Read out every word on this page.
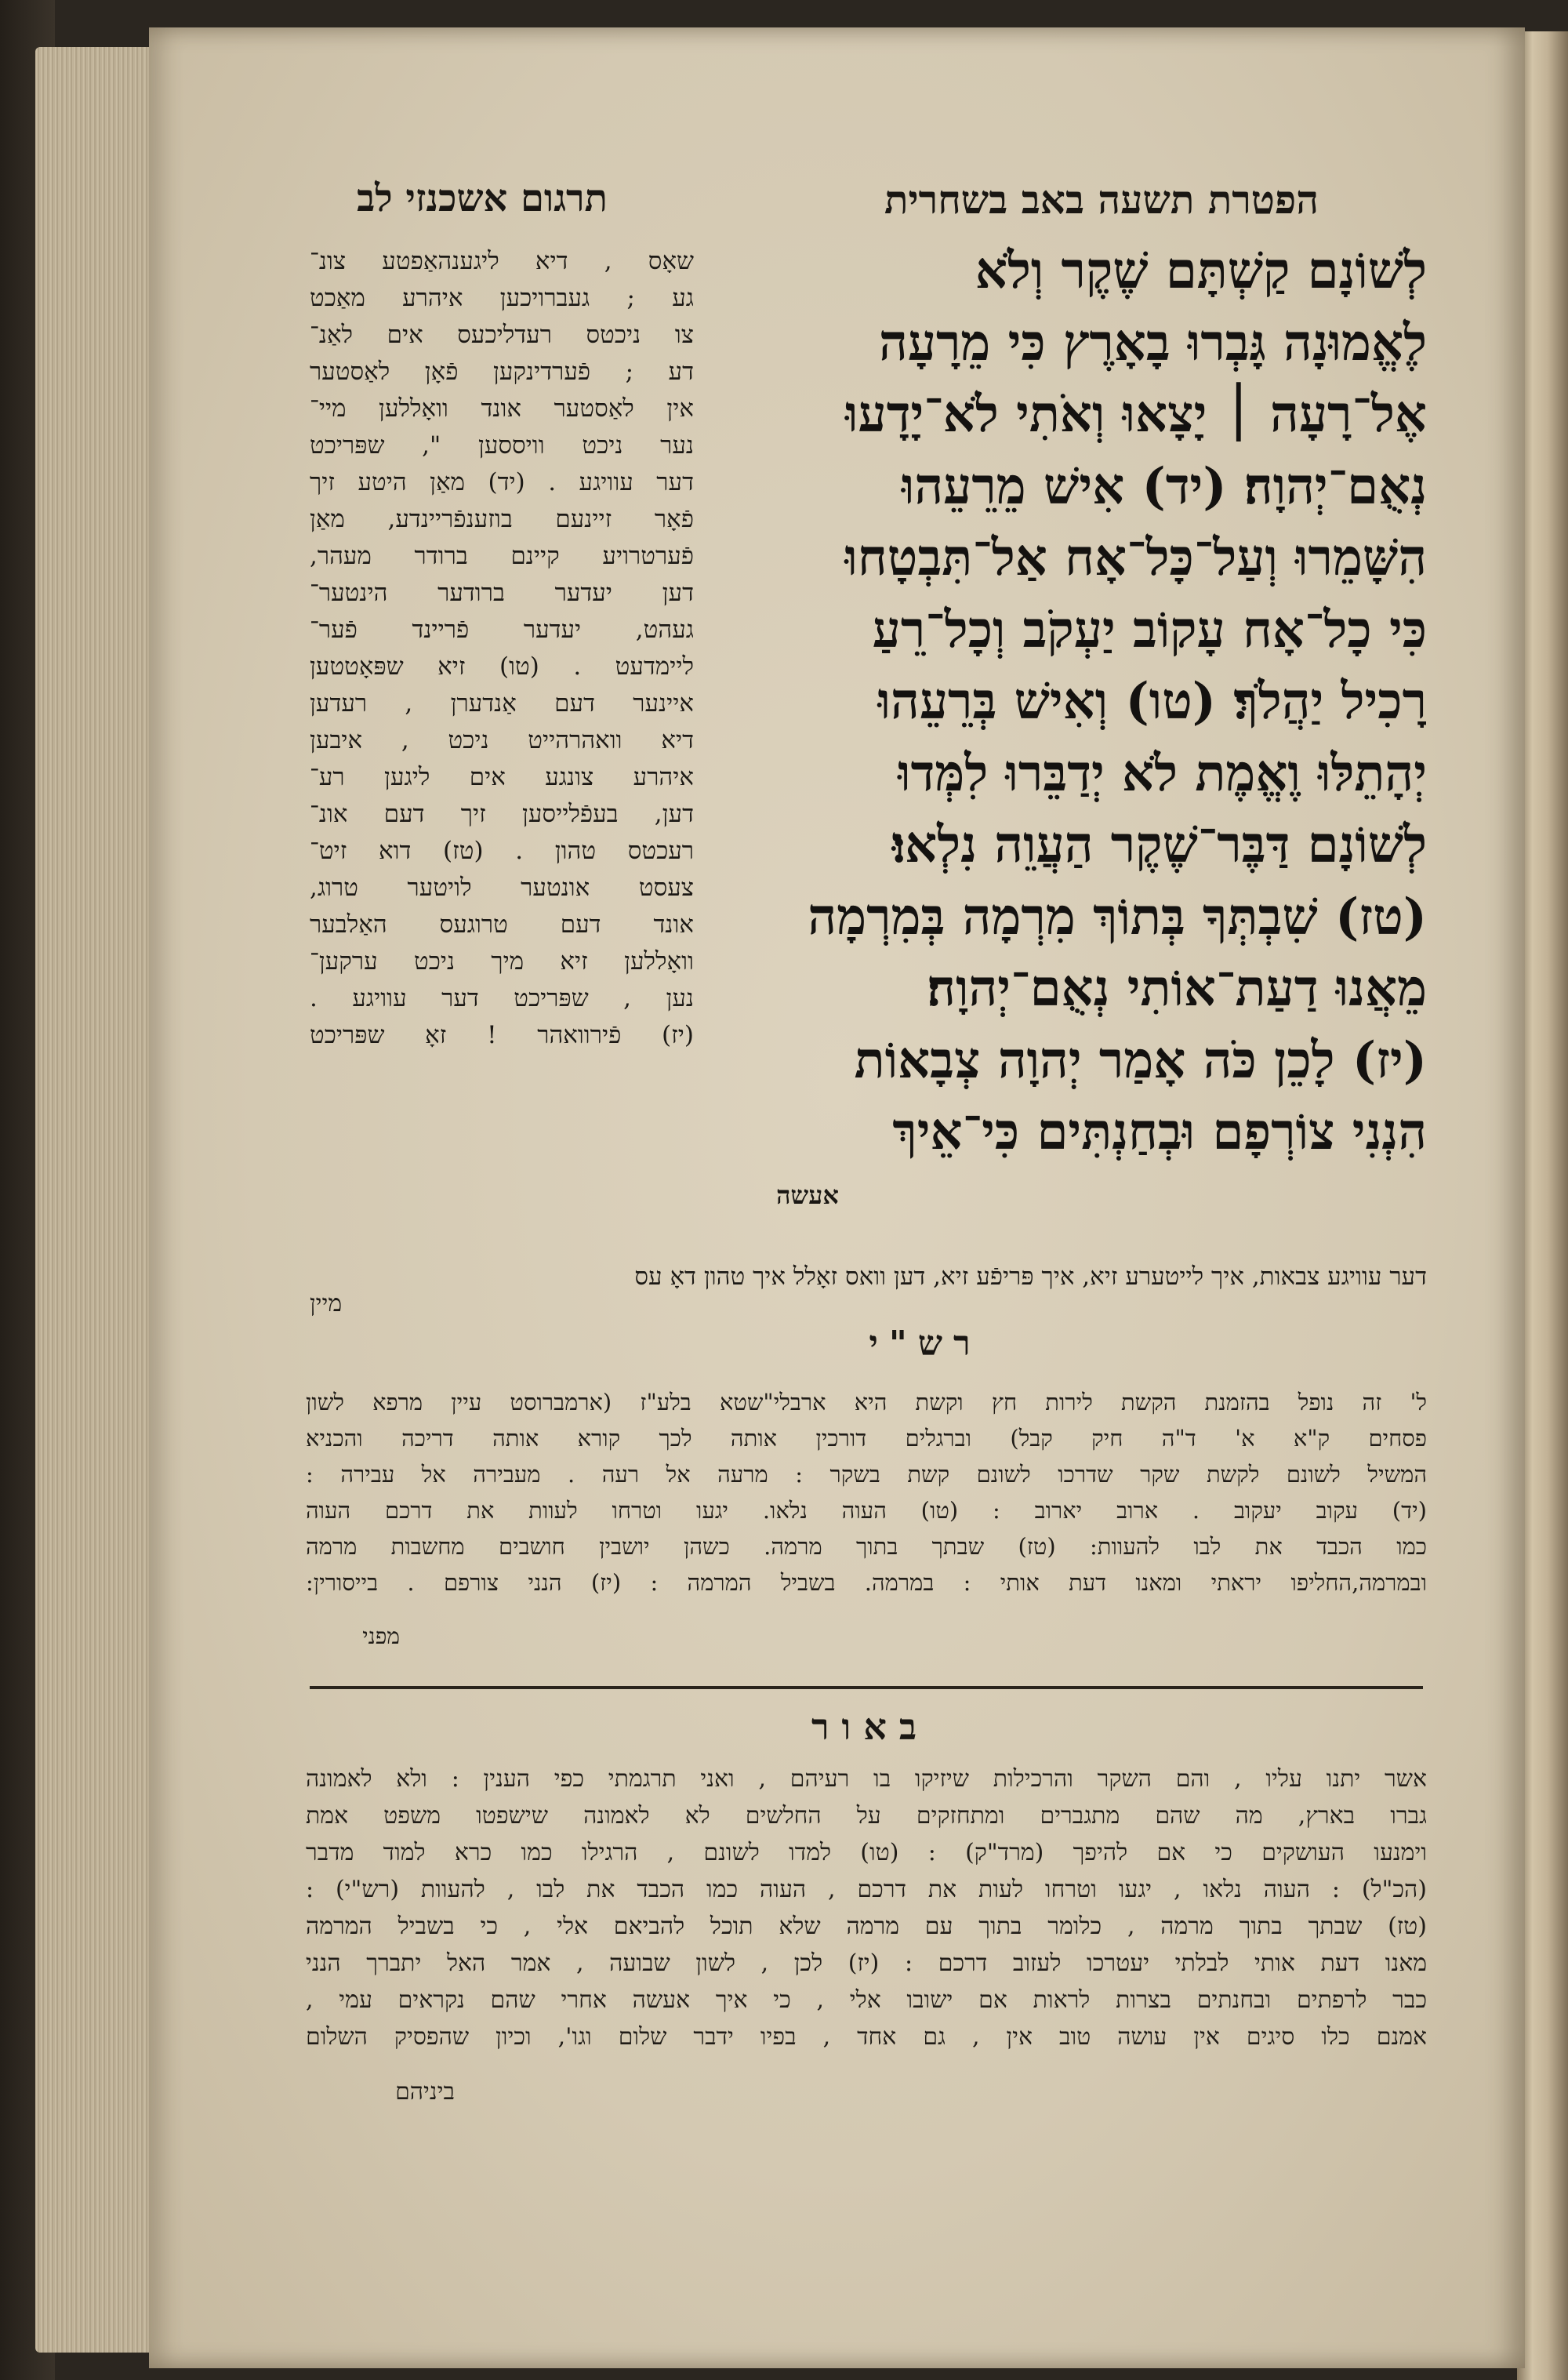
הפטרת תשעה באב בשחרית
תרגום אשכנזי לב
לְשׁוֹנָם קַשְׁתָּם שֶׁקֶר וְלֹא
לֶאֱמוּנָה גָּבְרוּ בָאָרֶץ כִּי מֵרָעָה
אֶל־רָעָה ׀ יָצָאוּ וְאֹתִי לֹא־יָדָעוּ
נְאֻם־יְהוָה׃ (יד) אִישׁ מֵרֵעֵהוּ
הִשָּׁמֵרוּ וְעַל־כָּל־אָח אַל־תִּבְטָחוּ
כִּי כָל־אָח עָקוֹב יַעְקֹב וְכָל־רֵעַ
רָכִיל יַהֲלֹךְ׃ (טו) וְאִישׁ בְּרֵעֵהוּ
יְהָתֵלּוּ וֶאֱמֶת לֹא יְדַבֵּרוּ לִמְּדוּ
לְשׁוֹנָם דַּבֶּר־שֶׁקֶר הַעֲוֵה נִלְאוּ׃
(טז) שִׁבְתְּךָ בְּתוֹךְ מִרְמָה בְּמִרְמָה
מֵאֲנוּ דַעַת־אוֹתִי נְאֻם־יְהוָה׃
(יז) לָכֵן כֹּה אָמַר יְהוָה צְבָאוֹת
הִנְנִי צוֹרְפָם וּבְחַנְתִּים כִּי־אֵיךְ
אעשה
שאָס , דיא ליגענהאַפטע צונ־
גע ; געברויכען איהרע מאַכט
צו ניכטס רעדליכעס אים לאַנ־
דע ; פֿערדינקען פֿאָן לאַסטער
אין לאַסטער אונד וואָללען מיי־
נער ניכט וויססען ", שפּריכט
דער עוויגע . (יד) מאַן היטע זיך
פֿאָר זיינעם בוזענפֿריינדע, מאַן
פֿערטרויע קיינם ברודר מעהר,
דען יעדער ברודער הינטער־
געהט, יעדער פֿריינד פֿער־
ליימדעט . (טו) זיא שפּאָטטען
איינער דעם אַנדערן , רעדען
דיא וואהרהייט ניכט , איבען
איהרע צונגע אים ליגען רע־
דען, בעפֿלייסען זיך דעם אונ־
רעכטס טהון . (טז) דוא זיט־
צעסט אונטער לויטער טרוג,
אונד דעם טרוגעס האַלבער
וואָללען זיא מיך ניכט ערקען־
נען , שפּריכט דער עוויגע .
(יז) פֿירוואהר ! זאָ שפּריכט
דער עוויגע צבאות, איך לייטערע זיא, איך פּריפֿע זיא, דען וואס זאָלל איך טהון דאָ עס
מיין
רש"י
ל' זה נופל בהזמנת הקשת לירות חץ וקשת היא ארבלי"שטא בלע"ז (ארמברוסט עיין מרפא לשון
פסחים ק"א א' ד"ה חיק קבל) וברגלים דורכין אותה לכך קורא אותה דריכה והכניא
המשיל לשונם לקשת שקר שדרכו לשונם קשת בשקר : מרעה אל רעה . מעבירה אל עבירה :
(יד) עקוב יעקוב . ארוב יארוב : (טו) העוה נלאו. יגעו וטרחו לעוות את דרכם העוה
כמו הכבד את לבו להעוות: (טז) שבתך בתוך מרמה. כשהן יושבין חושבים מחשבות מרמה
ובמרמה,החליפו יראתי ומאנו דעת אותי : במרמה. בשביל המרמה : (יז) הנני צורפם . בייסורין:
מפני
באור
אשר יתנו עליו , והם השקר והרכילות שיזיקו בו רעיהם , ואני תרגמתי כפי הענין : ולא לאמונה
גברו בארץ, מה שהם מתגברים ומתחזקים על החלשים לא לאמונה שישפטו משפט אמת
וימנעו העושקים כי אם להיפך (מרד"ק) : (טו) למדו לשונם , הרגילו כמו כרא למוד מדבר
(הכ"ל) : העוה נלאו , יגעו וטרחו לעות את דרכם , העוה כמו הכבד את לבו , להעוות (רש"י) :
(טז) שבתך בתוך מרמה , כלומר בתוך עם מרמה שלא תוכל להביאם אלי , כי בשביל המרמה
מאנו דעת אותי לבלתי יעטרכו לעזוב דרכם : (יז) לכן , לשון שבועה , אמר האל יתברך הנני
כבר לרפתים ובחנתים בצרות לראות אם ישובו אלי , כי איך אעשה אחרי שהם נקראים עמי ,
אמנם כלו סיגים אין עושה טוב אין , גם אחד , בפיו ידבר שלום וגו', וכיון שהפסיק השלום
ביניהם
